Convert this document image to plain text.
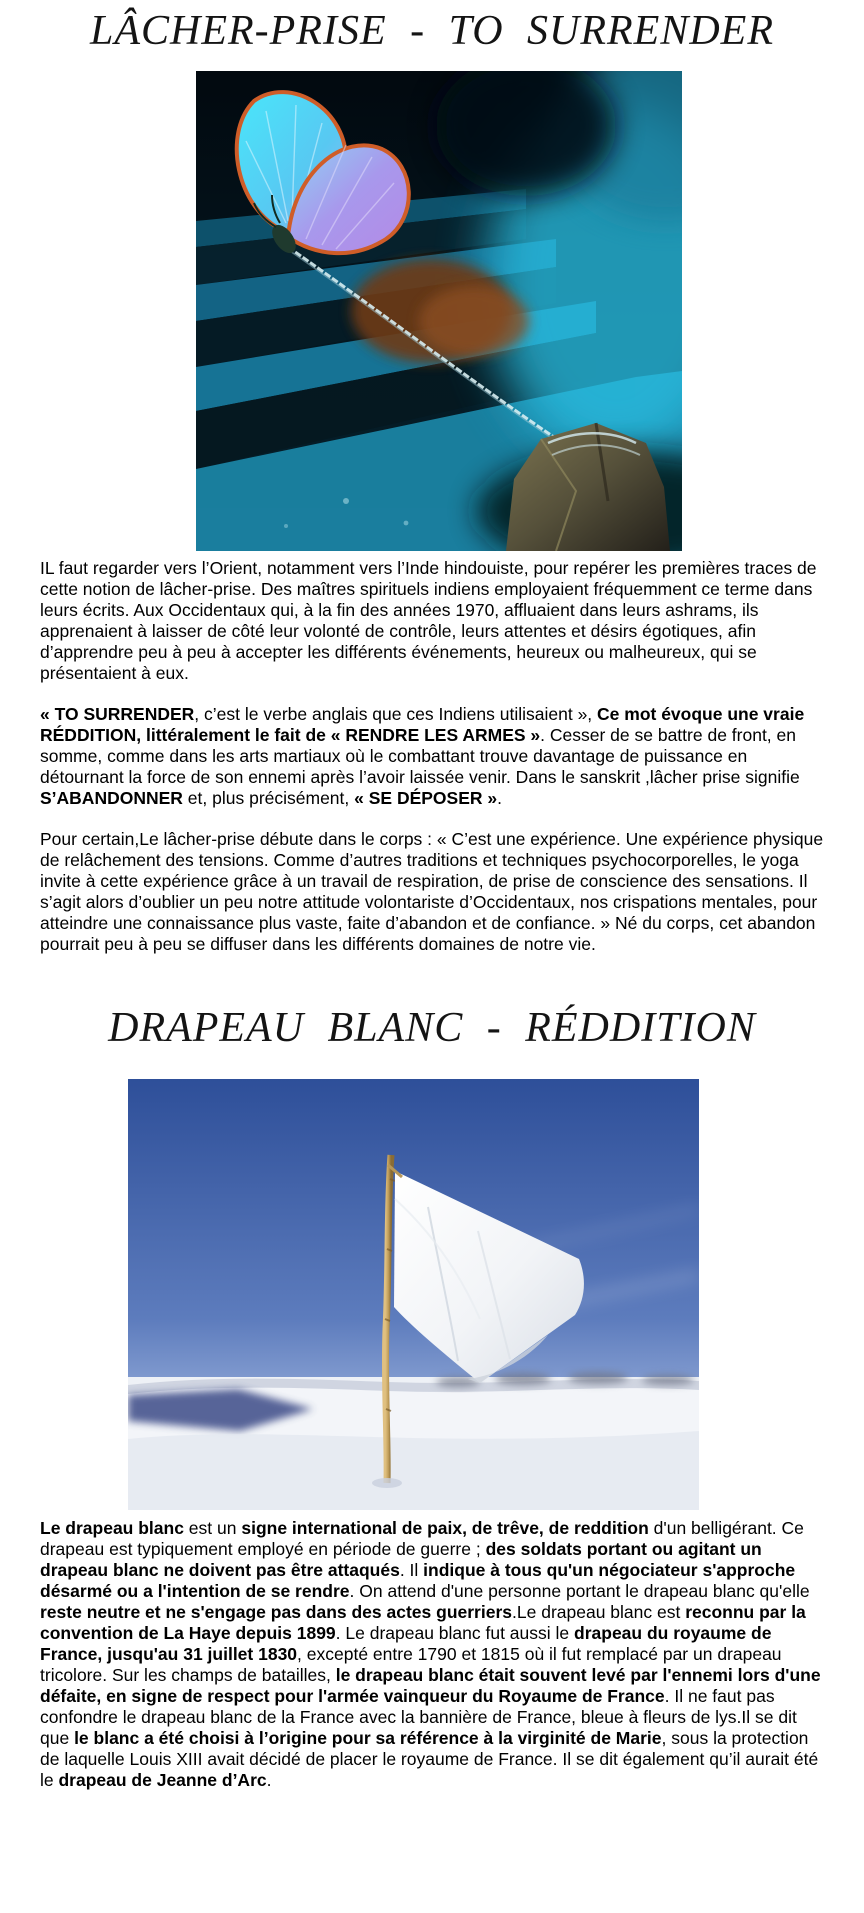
LÂCHER-PRISE - TO SURRENDER

IL faut regarder vers l’Orient, notamment vers l’Inde hindouiste, pour repérer les premières traces de cette notion de lâcher-prise. Des maîtres spirituels indiens employaient fréquemment ce terme dans leurs écrits. Aux Occidentaux qui, à la fin des années 1970, affluaient dans leurs ashrams, ils apprenaient à laisser de côté leur volonté de contrôle, leurs attentes et désirs égotiques, afin d’apprendre peu à peu à accepter les différents événements, heureux ou malheureux, qui se présentaient à eux.

« TO SURRENDER, c’est le verbe anglais que ces Indiens utilisaient », Ce mot évoque une vraie RÉDDITION, littéralement le fait de « RENDRE LES ARMES ». Cesser de se battre de front, en somme, comme dans les arts martiaux où le combattant trouve davantage de puissance en détournant la force de son ennemi après l’avoir laissée venir. Dans le sanskrit ,lâcher prise signifie S’ABANDONNER et, plus précisément, « SE DÉPOSER ».

Pour certain,Le lâcher-prise débute dans le corps : « C’est une expérience. Une expérience physique de relâchement des tensions. Comme d’autres traditions et techniques psychocorporelles, le yoga invite à cette expérience grâce à un travail de respiration, de prise de conscience des sensations. Il s’agit alors d’oublier un peu notre attitude volontariste d’Occidentaux, nos crispations mentales, pour atteindre une connaissance plus vaste, faite d’abandon et de confiance. » Né du corps, cet abandon pourrait peu à peu se diffuser dans les différents domaines de notre vie.

DRAPEAU BLANC - RÉDDITION

Le drapeau blanc est un signe international de paix, de trêve, de reddition d'un belligérant. Ce drapeau est typiquement employé en période de guerre ; des soldats portant ou agitant un drapeau blanc ne doivent pas être attaqués. Il indique à tous qu'un négociateur s'approche désarmé ou a l'intention de se rendre. On attend d'une personne portant le drapeau blanc qu'elle reste neutre et ne s'engage pas dans des actes guerriers.Le drapeau blanc est reconnu par la convention de La Haye depuis 1899. Le drapeau blanc fut aussi le drapeau du royaume de France, jusqu'au 31 juillet 1830, excepté entre 1790 et 1815 où il fut remplacé par un drapeau tricolore. Sur les champs de batailles, le drapeau blanc était souvent levé par l'ennemi lors d'une défaite, en signe de respect pour l'armée vainqueur du Royaume de France. Il ne faut pas confondre le drapeau blanc de la France avec la bannière de France, bleue à fleurs de lys.Il se dit que le blanc a été choisi à l’origine pour sa référence à la virginité de Marie, sous la protection de laquelle Louis XIII avait décidé de placer le royaume de France. Il se dit également qu’il aurait été le drapeau de Jeanne d’Arc.
